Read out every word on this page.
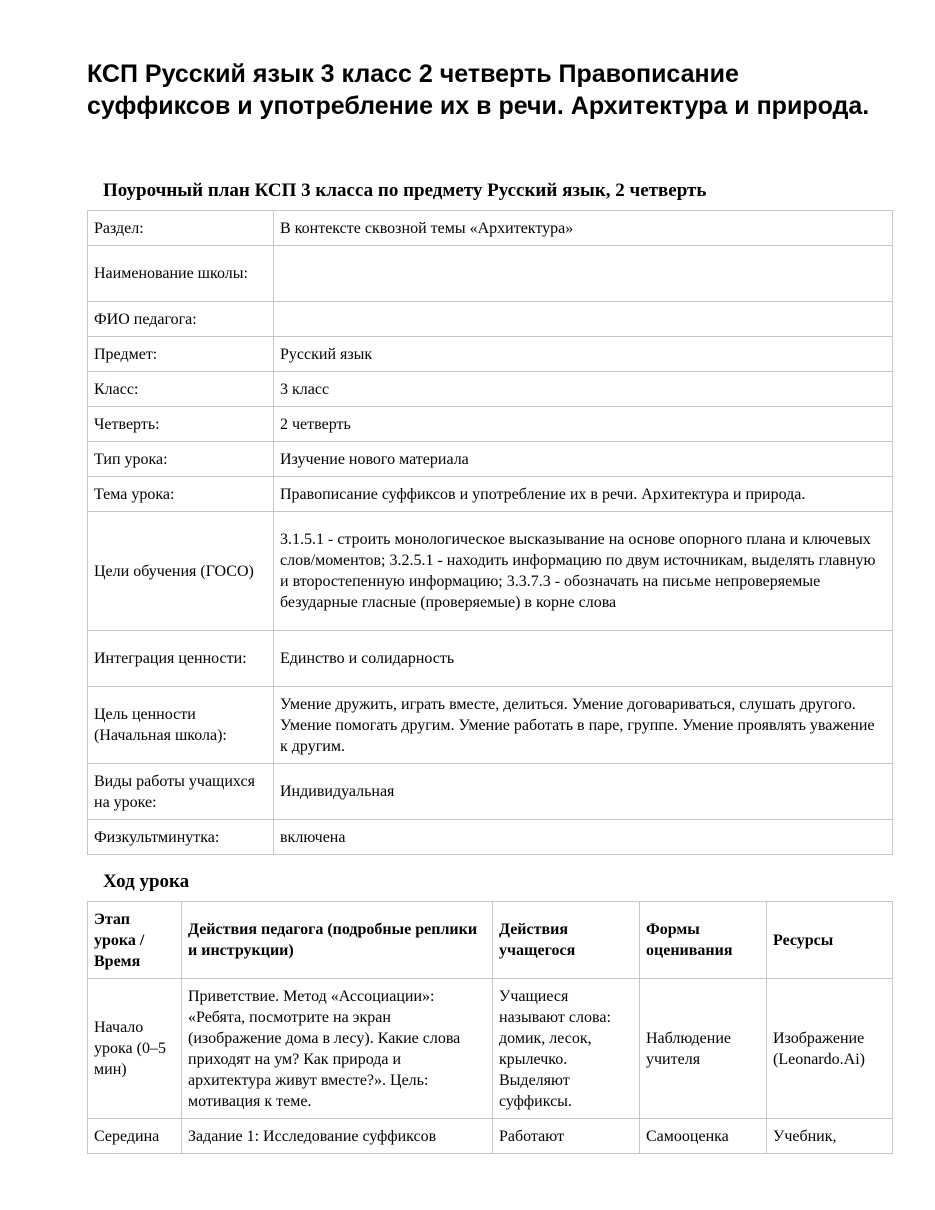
КСП Русский язык 3 класс 2 четверть Правописание суффиксов и употребление их в речи. Архитектура и природа.
Поурочный план КСП 3 класса по предмету Русский язык, 2 четверть
Раздел:	В контексте сквозной темы «Архитектура»
Наименование школы:	
ФИО педагога:	
Предмет:	Русский язык
Класс:	3 класс
Четверть:	2 четверть
Тип урока:	Изучение нового материала
Тема урока:	Правописание суффиксов и употребление их в речи. Архитектура и природа.
Цели обучения (ГОСО)	3.1.5.1 - строить монологическое высказывание на основе опорного плана и ключевых слов/моментов; 3.2.5.1 - находить информацию по двум источникам, выделять главную и второстепенную информацию; 3.3.7.3 - обозначать на письме непроверяемые безударные гласные (проверяемые) в корне слова
Интеграция ценности:	Единство и солидарность
Цель ценности (Начальная школа):	Умение дружить, играть вместе, делиться. Умение договариваться, слушать другого. Умение помогать другим. Умение работать в паре, группе. Умение проявлять уважение к другим.
Виды работы учащихся на уроке:	Индивидуальная
Физкультминутка:	включена
Ход урока
Этап урока / Время	Действия педагога (подробные реплики и инструкции)	Действия учащегося	Формы оценивания	Ресурсы
Начало урока (0–5 мин)	Приветствие. Метод «Ассоциации»: «Ребята, посмотрите на экран (изображение дома в лесу). Какие слова приходят на ум? Как природа и архитектура живут вместе?». Цель: мотивация к теме.	Учащиеся называют слова: домик, лесок, крылечко. Выделяют суффиксы.	Наблюдение учителя	Изображение (Leonardo.Ai)
Середина	Задание 1: Исследование суффиксов	Работают	Самооценка	Учебник,
